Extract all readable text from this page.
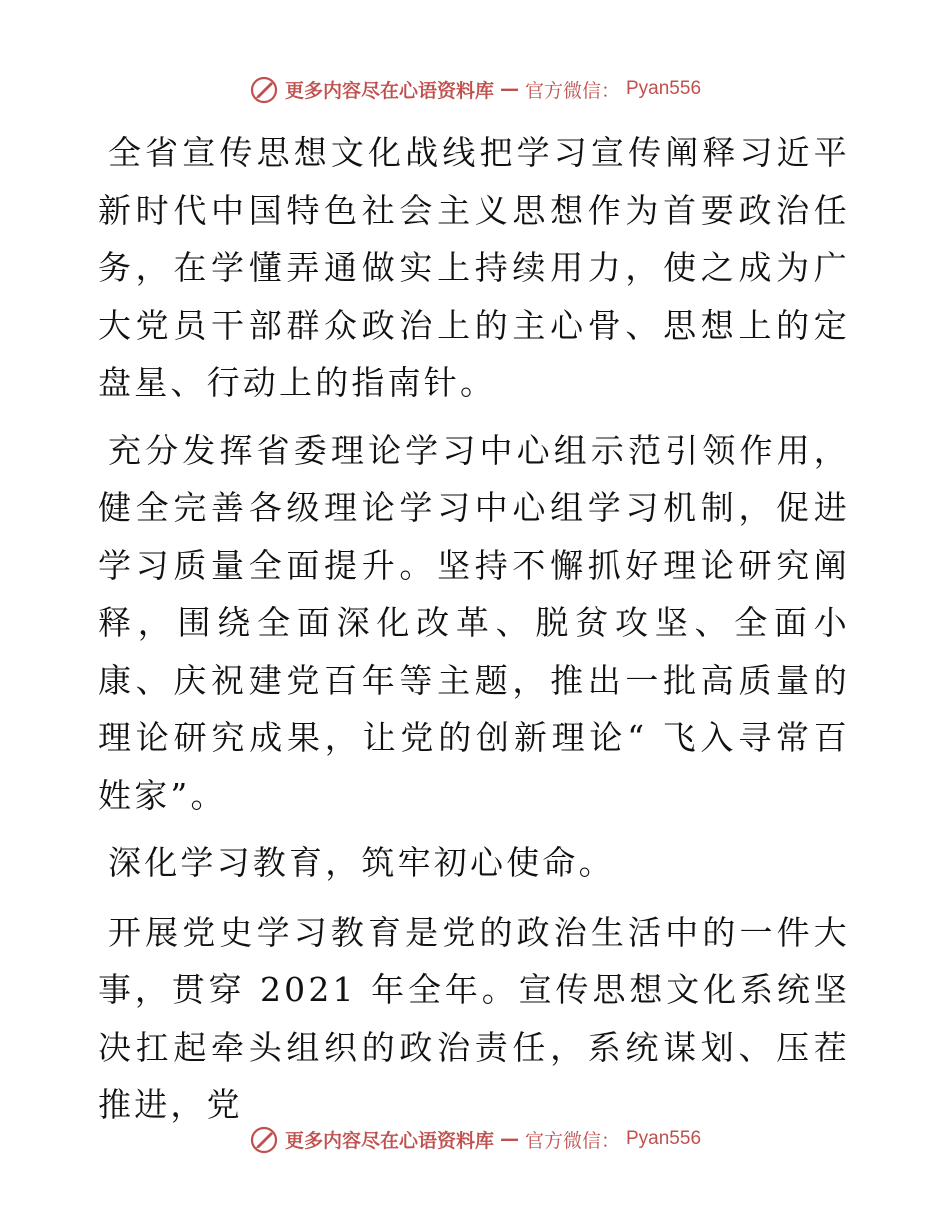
更多内容尽在心语资料库 — 官方微信： Pyan556

全省宣传思想文化战线把学习宣传阐释习近平新时代中国特色社会主义思想作为首要政治任务，在学懂弄通做实上持续用力，使之成为广大党员干部群众政治上的主心骨、思想上的定盘星、行动上的指南针。

充分发挥省委理论学习中心组示范引领作用，健全完善各级理论学习中心组学习机制，促进学习质量全面提升。坚持不懈抓好理论研究阐释，围绕全面深化改革、脱贫攻坚、全面小康、庆祝建党百年等主题，推出一批高质量的理论研究成果，让党的创新理论“ 飞入寻常百姓家”。

深化学习教育，筑牢初心使命。

开展党史学习教育是党的政治生活中的一件大事，贯穿 2021 年全年。宣传思想文化系统坚决扛起牵头组织的政治责任，系统谋划、压茬推进，党

更多内容尽在心语资料库 — 官方微信： Pyan556
